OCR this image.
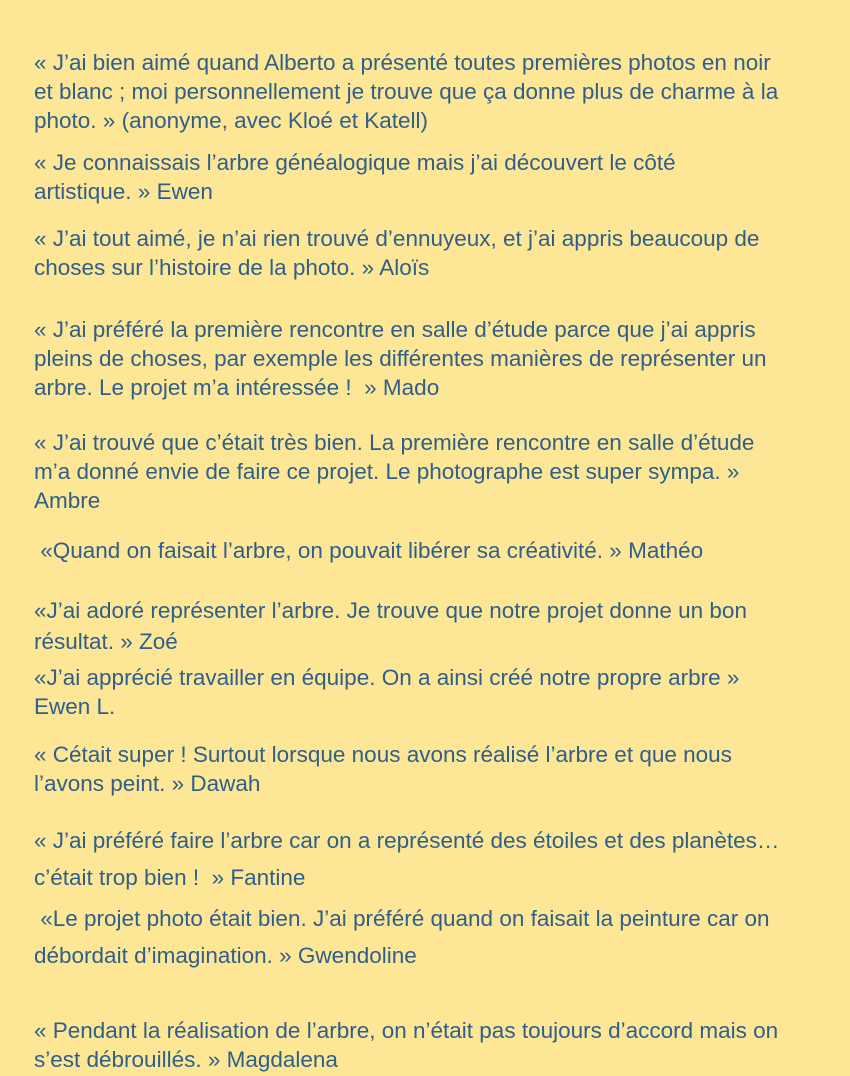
« J’ai bien aimé quand Alberto a présenté toutes premières photos en noir
et blanc ; moi personnellement je trouve que ça donne plus de charme à la
photo. » (anonyme, avec Kloé et Katell)
« Je connaissais l’arbre généalogique mais j’ai découvert le côté
artistique. » Ewen
« J’ai tout aimé, je n’ai rien trouvé d’ennuyeux, et j’ai appris beaucoup de
choses sur l’histoire de la photo. » Aloïs
« J’ai préféré la première rencontre en salle d’étude parce que j’ai appris
pleins de choses, par exemple les différentes manières de représenter un
arbre. Le projet m’a intéressée !  » Mado
« J’ai trouvé que c’était très bien. La première rencontre en salle d’étude
m’a donné envie de faire ce projet. Le photographe est super sympa. »
Ambre
«Quand on faisait l’arbre, on pouvait libérer sa créativité. » Mathéo
«J’ai adoré représenter l’arbre. Je trouve que notre projet donne un bon
résultat. » Zoé
«J’ai apprécié travailler en équipe. On a ainsi créé notre propre arbre »
Ewen L.
« Cétait super ! Surtout lorsque nous avons réalisé l’arbre et que nous
l’avons peint. » Dawah
« J’ai préféré faire l’arbre car on a représenté des étoiles et des planètes…
c’était trop bien !  » Fantine
«Le projet photo était bien. J’ai préféré quand on faisait la peinture car on
débordait d’imagination. » Gwendoline
« Pendant la réalisation de l’arbre, on n’était pas toujours d’accord mais on
s’est débrouillés. » Magdalena
